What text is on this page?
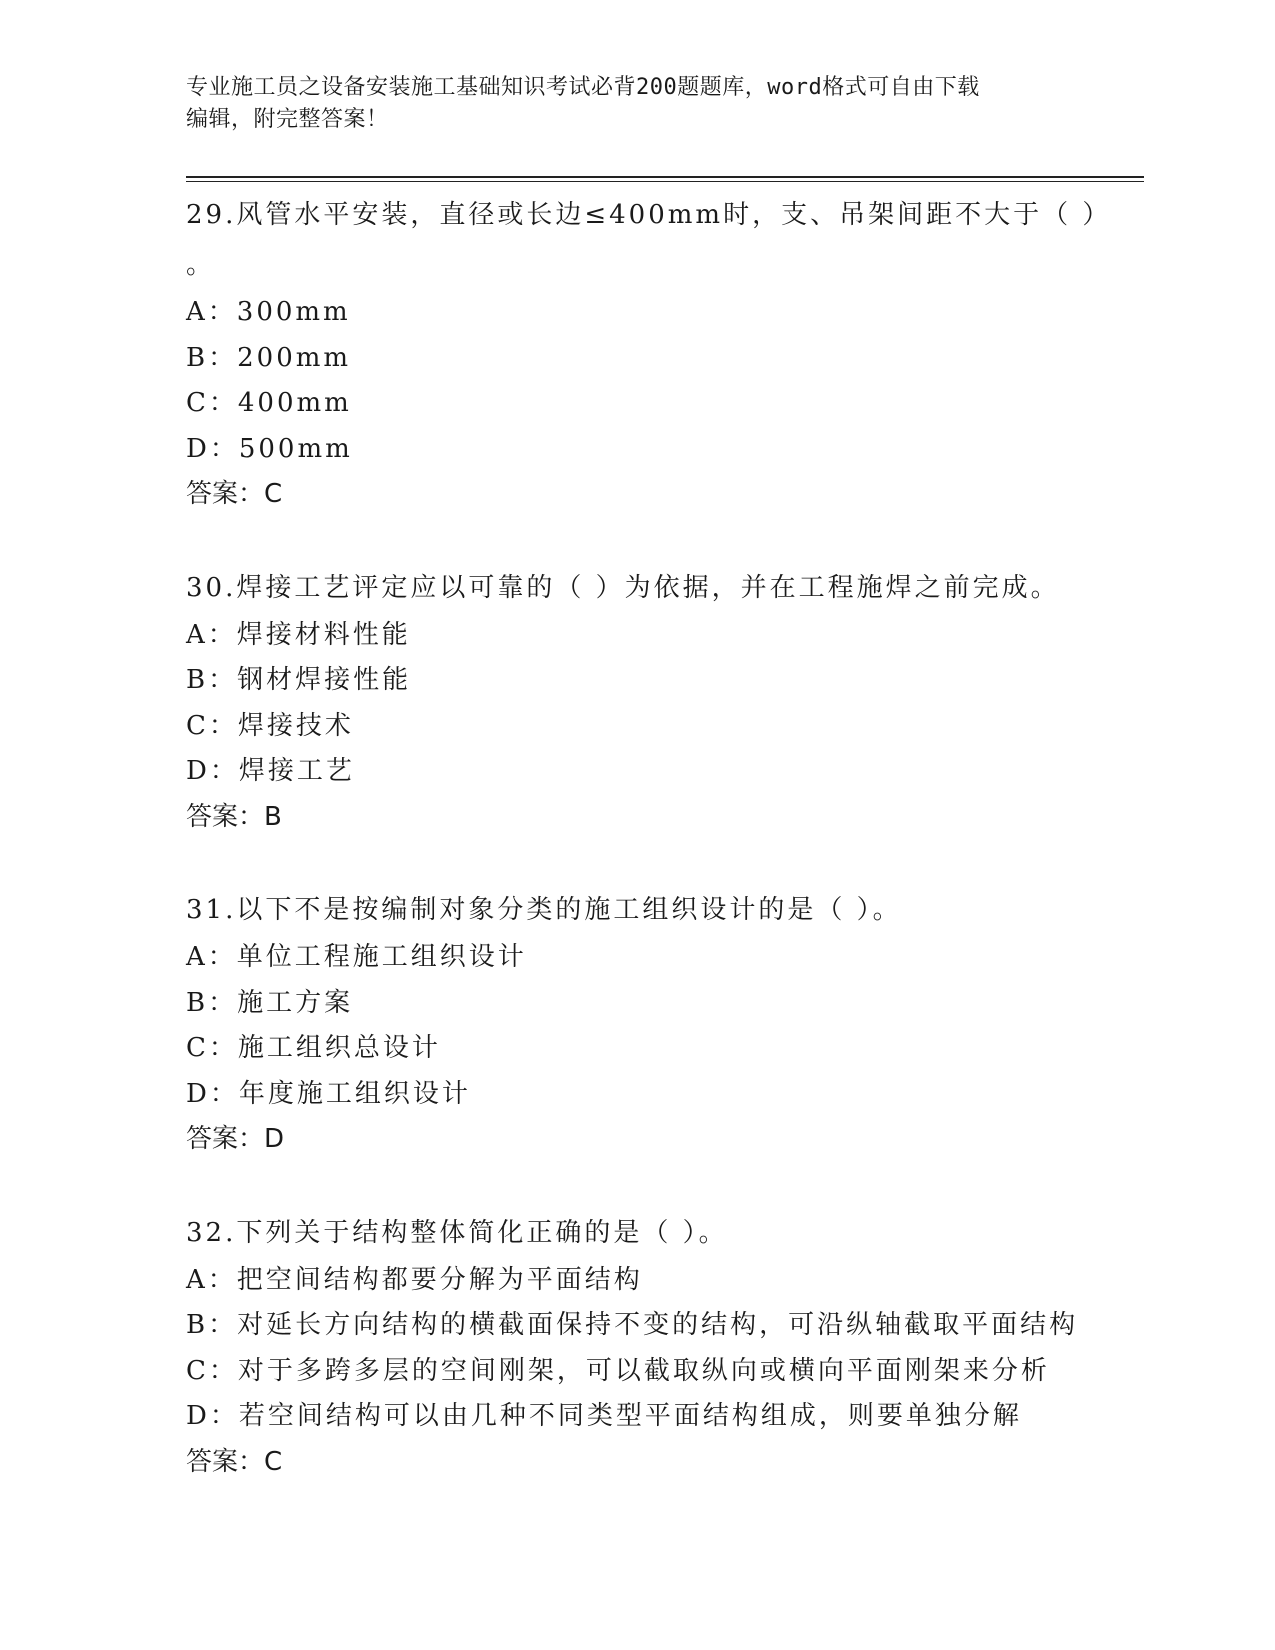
专业施工员之设备安装施工基础知识考试必背200题题库，word格式可自由下载
编辑，附完整答案！
29.风管水平安装，直径或长边≤400mm时，支、吊架间距不大于（ ）
。
A：300mm
B：200mm
C：400mm
D：500mm
答案：C
30.焊接工艺评定应以可靠的（ ）为依据，并在工程施焊之前完成。
A：焊接材料性能
B：钢材焊接性能
C：焊接技术
D：焊接工艺
答案：B
31.以下不是按编制对象分类的施工组织设计的是（ ）。
A：单位工程施工组织设计
B：施工方案
C：施工组织总设计
D：年度施工组织设计
答案：D
32.下列关于结构整体简化正确的是（ ）。
A：把空间结构都要分解为平面结构
B：对延长方向结构的横截面保持不变的结构，可沿纵轴截取平面结构
C：对于多跨多层的空间刚架，可以截取纵向或横向平面刚架来分析
D：若空间结构可以由几种不同类型平面结构组成，则要单独分解
答案：C
